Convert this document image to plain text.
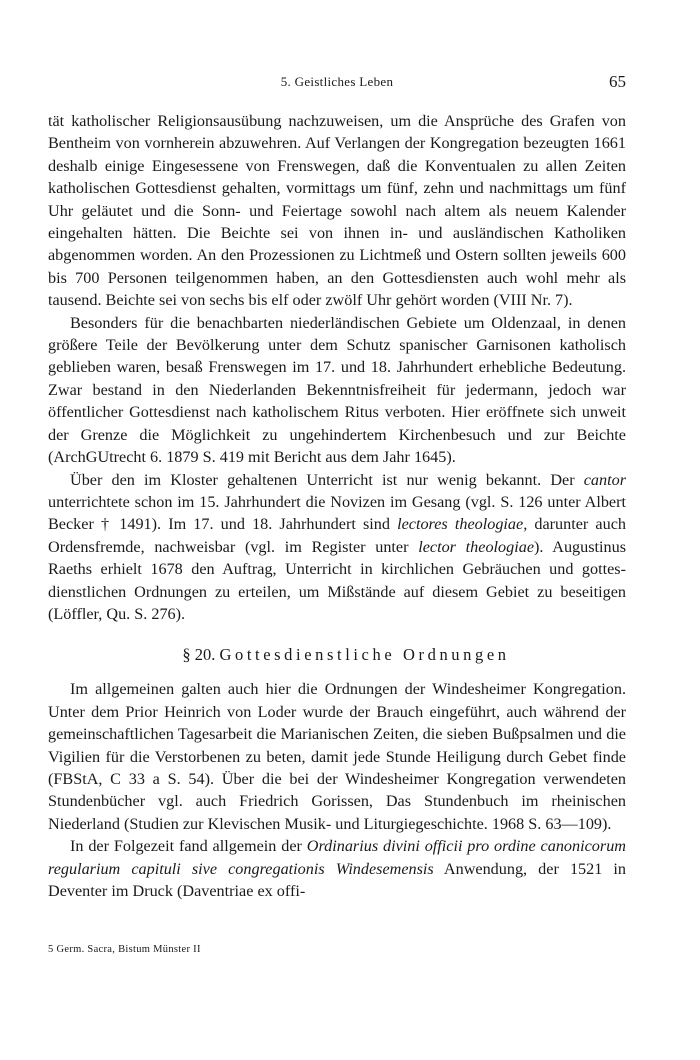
5. Geistliches Leben	65

tät katholischer Religionsausübung nachzuweisen, um die Ansprüche des Grafen von Bentheim von vornherein abzuwehren. Auf Verlangen der Kongregation bezeugten 1661 deshalb einige Eingesessene von Frenswegen, daß die Konventualen zu allen Zeiten katholischen Gottesdienst gehalten, vormittags um fünf, zehn und nachmittags um fünf Uhr geläutet und die Sonn- und Feiertage sowohl nach altem als neuem Kalender eingehalten hätten. Die Beichte sei von ihnen in- und ausländischen Katholiken abgenommen worden. An den Prozessionen zu Lichtmeß und Ostern sollten jeweils 600 bis 700 Personen teilgenommen haben, an den Gottesdiensten auch wohl mehr als tausend. Beichte sei von sechs bis elf oder zwölf Uhr gehört worden (VIII Nr. 7).

Besonders für die benachbarten niederländischen Gebiete um Oldenzaal, in denen größere Teile der Bevölkerung unter dem Schutz spanischer Garnisonen katholisch geblieben waren, besaß Frenswegen im 17. und 18. Jahrhundert erhebliche Bedeutung. Zwar bestand in den Niederlanden Bekenntnisfreiheit für jedermann, jedoch war öffentlicher Gottesdienst nach katholischem Ritus verboten. Hier eröffnete sich unweit der Grenze die Möglichkeit zu ungehindertem Kirchenbesuch und zur Beichte (ArchGUtrecht 6. 1879 S. 419 mit Bericht aus dem Jahr 1645).

Über den im Kloster gehaltenen Unterricht ist nur wenig bekannt. Der cantor unterrichtete schon im 15. Jahrhundert die Novizen im Gesang (vgl. S. 126 unter Albert Becker † 1491). Im 17. und 18. Jahrhundert sind lectores theologiae, darunter auch Ordensfremde, nachweisbar (vgl. im Register unter lector theologiae). Augustinus Raeths erhielt 1678 den Auftrag, Unterricht in kirchlichen Gebräuchen und gottesdienstlichen Ordnungen zu erteilen, um Mißstände auf diesem Gebiet zu beseitigen (Löffler, Qu. S. 276).

§ 20. Gottesdienstliche Ordnungen

Im allgemeinen galten auch hier die Ordnungen der Windesheimer Kongregation. Unter dem Prior Heinrich von Loder wurde der Brauch eingeführt, auch während der gemeinschaftlichen Tagesarbeit die Marianischen Zeiten, die sieben Bußpsalmen und die Vigilien für die Verstorbenen zu beten, damit jede Stunde Heiligung durch Gebet finde (FBStA, C 33 a S. 54). Über die bei der Windesheimer Kongregation verwendeten Stundenbücher vgl. auch Friedrich Gorissen, Das Stundenbuch im rheinischen Niederland (Studien zur Klevischen Musik- und Liturgiegeschichte. 1968 S. 63—109).

In der Folgezeit fand allgemein der Ordinarius divini officii pro ordine canonicorum regularium capituli sive congregationis Windesemensis Anwendung, der 1521 in Deventer im Druck (Daventriae ex offi-

5 Germ. Sacra, Bistum Münster II
